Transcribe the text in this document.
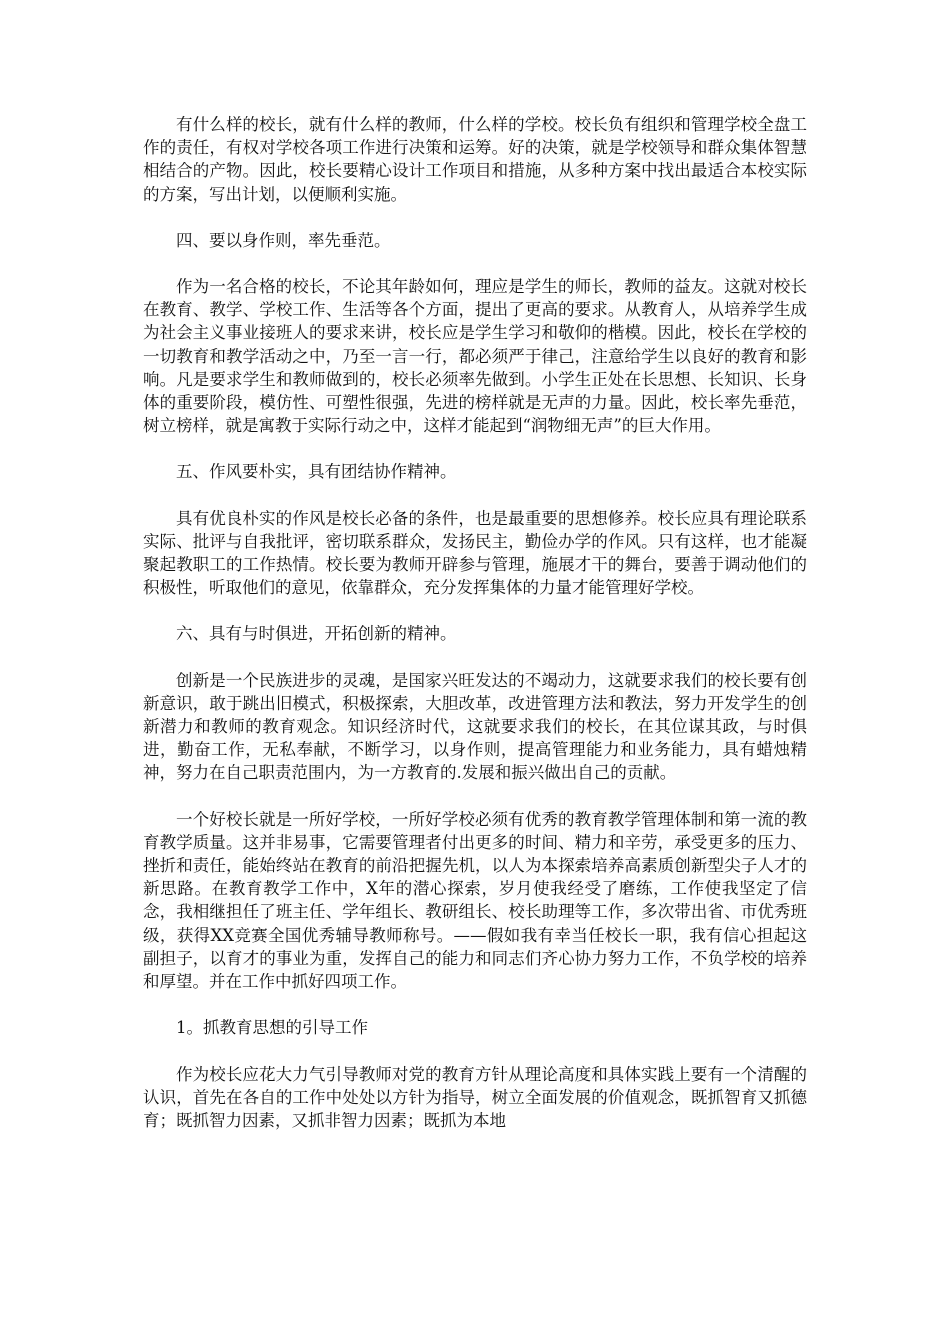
有什么样的校长，就有什么样的教师，什么样的学校。校长负有组织和管理学校全盘工作的责任，有权对学校各项工作进行决策和运筹。好的决策，就是学校领导和群众集体智慧相结合的产物。因此，校长要精心设计工作项目和措施，从多种方案中找出最适合本校实际的方案，写出计划，以便顺利实施。

四、要以身作则，率先垂范。

作为一名合格的校长，不论其年龄如何，理应是学生的师长，教师的益友。这就对校长在教育、教学、学校工作、生活等各个方面，提出了更高的要求。从教育人，从培养学生成为社会主义事业接班人的要求来讲，校长应是学生学习和敬仰的楷模。因此，校长在学校的一切教育和教学活动之中，乃至一言一行，都必须严于律己，注意给学生以良好的教育和影响。凡是要求学生和教师做到的，校长必须率先做到。小学生正处在长思想、长知识、长身体的重要阶段，模仿性、可塑性很强，先进的榜样就是无声的力量。因此，校长率先垂范，树立榜样，就是寓教于实际行动之中，这样才能起到“润物细无声”的巨大作用。

五、作风要朴实，具有团结协作精神。

具有优良朴实的作风是校长必备的条件，也是最重要的思想修养。校长应具有理论联系实际、批评与自我批评，密切联系群众，发扬民主，勤俭办学的作风。只有这样，也才能凝聚起教职工的工作热情。校长要为教师开辟参与管理，施展才干的舞台，要善于调动他们的积极性，听取他们的意见，依靠群众，充分发挥集体的力量才能管理好学校。

六、具有与时俱进，开拓创新的精神。

创新是一个民族进步的灵魂，是国家兴旺发达的不竭动力，这就要求我们的校长要有创新意识，敢于跳出旧模式，积极探索，大胆改革，改进管理方法和教法，努力开发学生的创新潜力和教师的教育观念。知识经济时代，这就要求我们的校长，在其位谋其政，与时俱进，勤奋工作，无私奉献，不断学习，以身作则，提高管理能力和业务能力，具有蜡烛精神，努力在自己职责范围内，为一方教育的.发展和振兴做出自己的贡献。

一个好校长就是一所好学校，一所好学校必须有优秀的教育教学管理体制和第一流的教育教学质量。这并非易事，它需要管理者付出更多的时间、精力和辛劳，承受更多的压力、挫折和责任，能始终站在教育的前沿把握先机，以人为本探索培养高素质创新型尖子人才的新思路。在教育教学工作中，X年的潜心探索，岁月使我经受了磨练，工作使我坚定了信念，我相继担任了班主任、学年组长、教研组长、校长助理等工作，多次带出省、市优秀班级，获得XX竞赛全国优秀辅导教师称号。——假如我有幸当任校长一职，我有信心担起这副担子，以育才的事业为重，发挥自己的能力和同志们齐心协力努力工作，不负学校的培养和厚望。并在工作中抓好四项工作。

1。抓教育思想的引导工作

作为校长应花大力气引导教师对党的教育方针从理论高度和具体实践上要有一个清醒的认识，首先在各自的工作中处处以方针为指导，树立全面发展的价值观念，既抓智育又抓德育；既抓智力因素，又抓非智力因素；既抓为本地
